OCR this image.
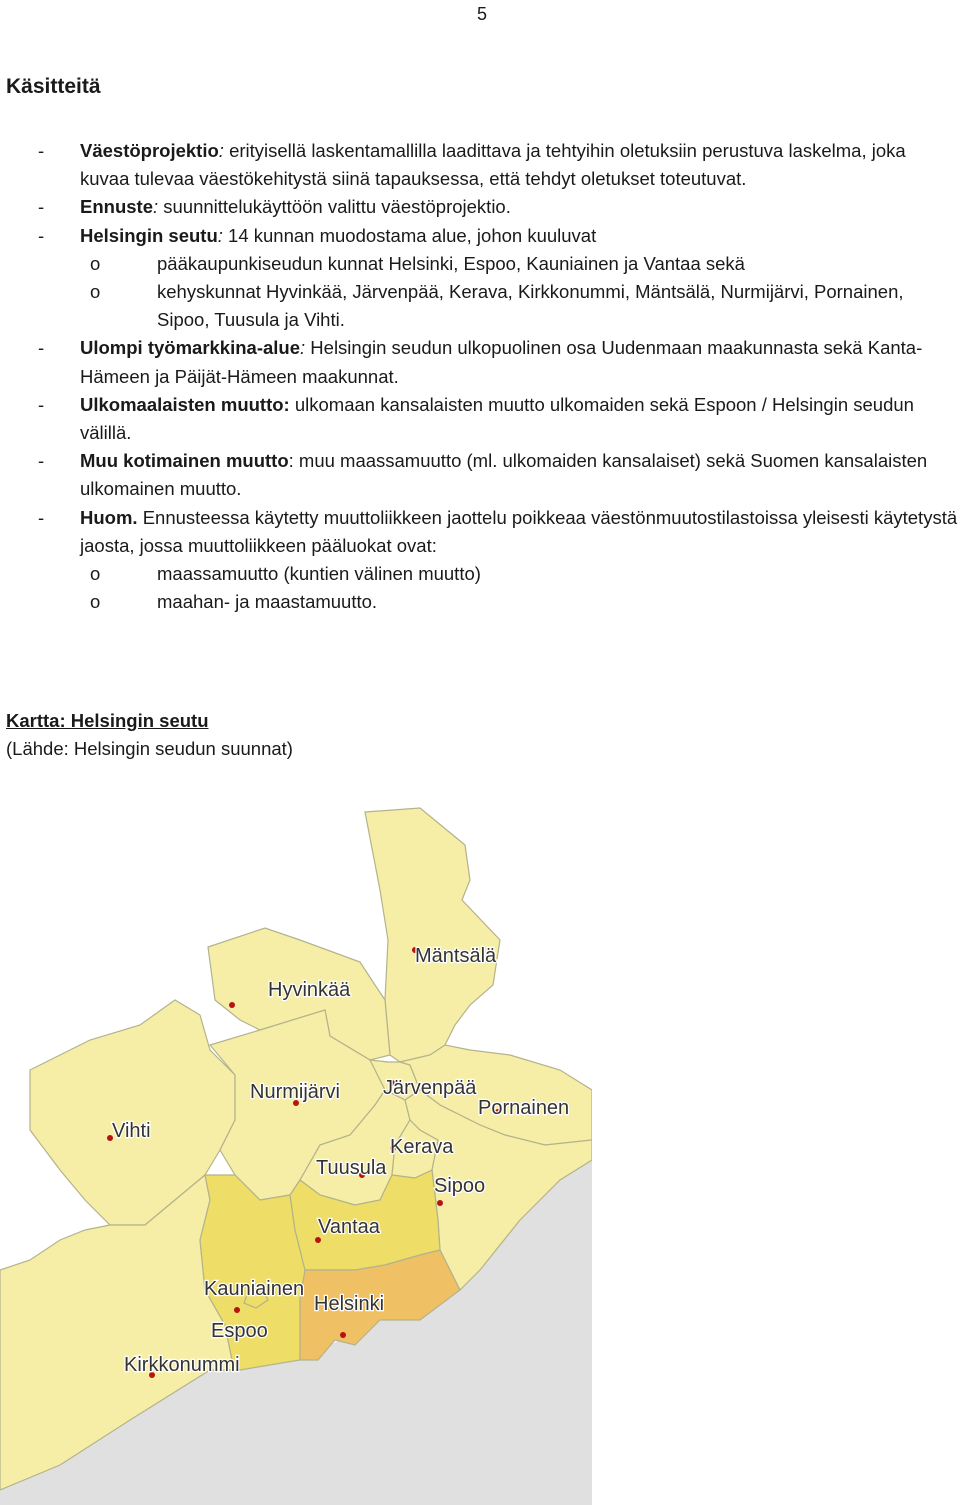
5
Käsitteitä
- Väestöprojektio: erityisellä laskentamallilla laadittava ja tehtyihin oletuksiin perustuva laskelma, joka kuvaa tulevaa väestökehitystä siinä tapauksessa, että tehdyt oletukset toteutuvat.
- Ennuste: suunnittelukäyttöön valittu väestöprojektio.
- Helsingin seutu: 14 kunnan muodostama alue, johon kuuluvat
o	pääkaupunkiseudun kunnat Helsinki, Espoo, Kauniainen ja Vantaa sekä
o	kehyskunnat Hyvinkää, Järvenpää, Kerava, Kirkkonummi, Mäntsälä, Nurmijärvi, Pornainen, Sipoo, Tuusula ja Vihti.
- Ulompi työmarkkina-alue: Helsingin seudun ulkopuolinen osa Uudenmaan maakunnasta sekä Kanta-Hämeen ja Päijät-Hämeen maakunnat.
- Ulkomaalaisten muutto: ulkomaan kansalaisten muutto ulkomaiden sekä Espoon / Helsingin seudun välillä.
- Muu kotimainen muutto: muu maassamuutto (ml. ulkomaiden kansalaiset) sekä Suomen kansalaisten ulkomainen muutto.
- Huom. Ennusteessa käytetty muuttoliikkeen jaottelu poikkeaa väestönmuutostilastoissa yleisesti käytetystä jaosta, jossa muuttoliikkeen pääluokat ovat:
o	maassamuutto (kuntien välinen muutto)
o	maahan- ja maastamuutto.
Kartta: Helsingin seutu
(Lähde: Helsingin seudun suunnat)
Mäntsälä
Hyvinkää
Nurmijärvi Järvenpää
Pornainen
Vihti
Kerava
Tuusula
Sipoo
Vantaa
Kauniainen
Helsinki
Espoo
Kirkkonummi
